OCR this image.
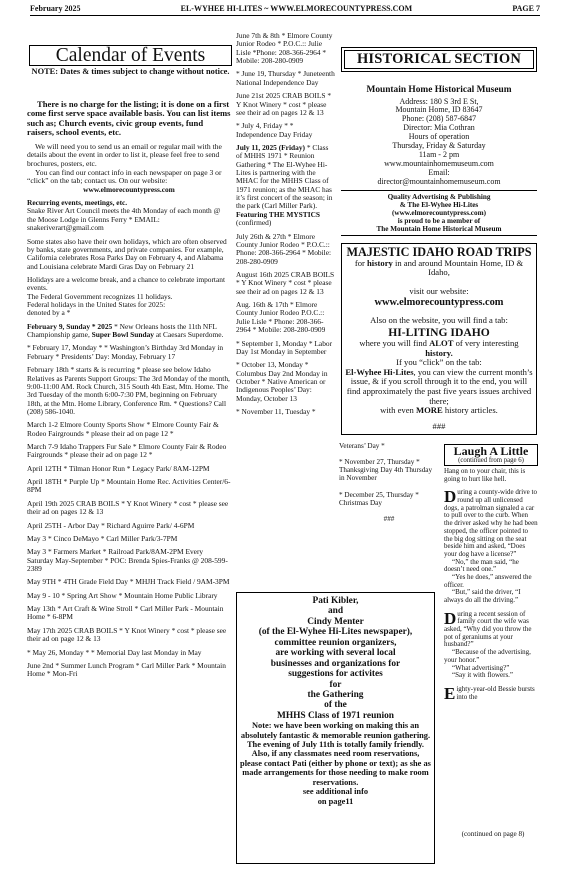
February 2025	EL-WYHEE HI-LITES ~ WWW.ELMORECOUNTYPRESS.COM	PAGE 7
Calendar of Events
NOTE: Dates & times subject to change without notice.

There is no charge for the listing; it is done on a first come first serve space available basis. You can list items such as; Church events, civic group events, fund raisers, school events, etc.

We will need you to send us an email or regular mail with the details about the event in order to list it, please feel free to send brochures, posters, etc.

You can find our contact info in each newspaper on page 3 or “click” on the tab; contact us. On our website:

www.elmorecountypress.com

Recurring events, meetings, etc.

Snake River Art Council meets the 4th Monday of each month @ the Moose Lodge in Glenns Ferry * EMAIL: snakeriverart@gmail.com

Some states also have their own holidays, which are often observed by banks, state governments, and private companies. For example, California celebrates Rosa Parks Day on February 4, and Alabama and Louisiana celebrate Mardi Gras Day on February 21

Holidays are a welcome break, and a chance to celebrate important events.

The Federal Government recognizes 11 holidays.

Federal holidays in the United States for 2025:

denoted by a *

February 9, Sunday * 2025 * New Orleans hosts the 11th NFL Championship game, Super Bowl Sunday at Caesars Superdome.

* February 17, Monday * * Washington’s Birthday 3rd Monday in February * Presidents’ Day: Monday, February 17

February 18th * starts & is recurring * please see below Idaho Relatives as Parents Support Groups: The 3rd Monday of the month, 9:00-11:00 AM. Rock Church, 315 South 4th East, Mtn. Home. The 3rd Tuesday of the month 6:00-7:30 PM, beginning on February 18th, at the Mtn. Home Library, Conference Rm. * Questions? Call (208) 586-1040.

March 1-2 Elmore County Sports Show * Elmore County Fair & Rodeo Fairgrounds * please their ad on page 12 *

March 7-9 Idaho Trappers Fur Sale * Elmore County Fair & Rodeo Fairgrounds * please their ad on page 12 *

April 12TH * Tilman Honor Run * Legacy Park/ 8AM-12PM

April 18TH * Purple Up * Mountain Home Rec. Activities Center/6-8PM

April 19th 2025 CRAB BOILS * Y Knot Winery * cost * please see their ad on pages 12 & 13

April 25TH - Arbor Day * Richard Aguirre Park/ 4-6PM

May 3 * Cinco DeMayo * Carl Miller Park/3-7PM

May 3 * Farmers Market * Railroad Park/8AM-2PM Every Saturday May-September * POC: Brenda Spies-Franks @ 208-599-2389

May 9TH * 4TH Grade Field Day * MHJH Track Field / 9AM-3PM

May 9 - 10 * Spring Art Show * Mountain Home Public Library

May 13th * Art Craft & Wine Stroll * Carl Miller Park - Mountain Home * 6-8PM

May 17th 2025 CRAB BOILS * Y Knot Winery * cost * please see their ad on page 12 & 13

* May 26, Monday * * Memorial Day last Monday in May

June 2nd * Summer Lunch Program * Carl Miller Park * Mountain Home * Mon-Fri

June 7th & 8th * Elmore County Junior Rodeo * P.O.C.:: Julie Lisle *Phone: 208-366-2964 * Mobile: 208-280-0909

* June 19, Thursday * Juneteenth National Independence Day

June 21st 2025 CRAB BOILS * Y Knot Winery * cost * please see their ad on pages 12 & 13

* July 4, Friday * * Independence Day Friday

July 11, 2025 (Friday) * Class of MHHS 1971 * Reunion Gathering * The El-Wyhee Hi-Lites is partnering with the MHAC for the MHHS Class of 1971 reunion; as the MHAC has it’s first concert of the season; in the park (Carl Miller Park).

Featuring THE MYSTICS

(confirmed)

July 26th & 27th * Elmore County Junior Rodeo * P.O.C.:: Phone: 208-366-2964 * Mobile: 208-280-0909

August 16th 2025 CRAB BOILS * Y Knot Winery * cost * please see their ad on pages 12 & 13

Aug. 16th & 17th * Elmore County Junior Rodeo P.O.C.:: Julie Lisle * Phone: 208-366-2964 * Mobile: 208-280-0909

* September 1, Monday * Labor Day 1st Monday in September

* October 13, Monday * Columbus Day 2nd Monday in October * Native American or Indigenous Peoples’ Day: Monday, October 13

* November 11, Tuesday *

HISTORICAL SECTION
Mountain Home Historical Museum
Address: 180 S 3rd E St,
Mountain Home, ID 83647
Phone: (208) 587-6847
Director: Mia Cothran
Hours of operation
Thursday, Friday & Saturday
11am - 2 pm
www.mountainhomemuseum.com
Email:
director@mountainhomemuseum.com
Quality Advertising & Publishing
& The El-Wyhee Hi-Lites
(www.elmorecountypress.com)
is proud to be a member of
The Mountain Home Historical Museum
MAJESTIC IDAHO ROAD TRIPS
for history in and around Mountain Home, ID & Idaho,
visit our website:
www.elmorecountypress.com
Also on the website, you will find a tab:
HI-LITING IDAHO
where you will find ALOT of very interesting
history.
If you “click” on the tab:
El-Wyhee Hi-Lites, you can view the current month’s issue, & if you scroll through it to the end, you will find approximately the past five years issues archived there;
with even MORE history articles.
###

Veterans’ Day *

* November 27, Thursday * Thanksgiving Day 4th Thursday in November

* December 25, Thursday * Christmas Day

###

Laugh A Little
(continued from page 6)

Hang on to your chair, this is going to hurt like hell.

During a county-wide drive to round up all unlicensed dogs, a patrolman signaled a car to pull over to the curb. When the driver asked why he had been stopped, the officer pointed to the big dog sitting on the seat beside him and asked, “Does your dog have a license?”

“No,” the man said, “he doesn’t need one.”

“Yes he does,” answered the officer.

“But,” said the driver, “I always do all the driving.”

During a recent session of family court the wife was asked, “Why did you throw the pot of geraniums at your husband?”

“Because of the advertising, your honor.”

“What advertising?”

“Say it with flowers.”

Eighty-year-old Bessie bursts into the

(continued on page 8)
Pati Kibler,
and
Cindy Menter
(of the El-Wyhee Hi-Lites newspaper),
committee reunion organizers,
are working with several local
businesses and organizations for
suggestions for activites
for
the Gathering
of the
MHHS Class of 1971 reunion
Note: we have been working on making this an absolutely fantastic & memorable reunion gathering. The evening of July 11th is totally family friendly. Also, if any classmates need room reservations, please contact Pati (either by phone or text); as she as made arrangements for those needing to make room reservations.
see additional info
on page11
